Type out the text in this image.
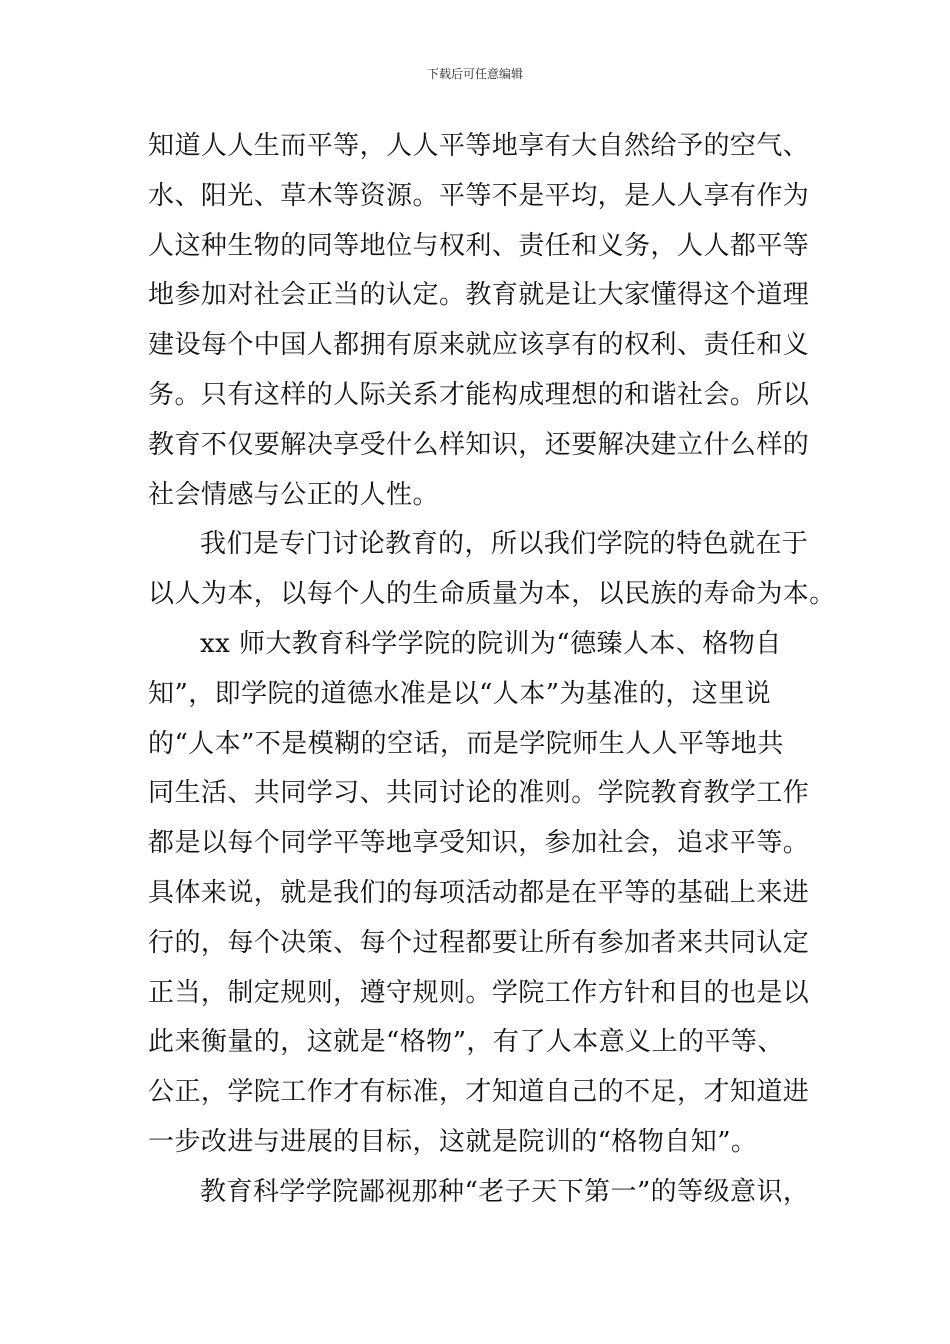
下载后可任意编辑
知道人人生而平等，人人平等地享有大自然给予的空气、
水、阳光、草木等资源。平等不是平均，是人人享有作为
人这种生物的同等地位与权利、责任和义务，人人都平等
地参加对社会正当的认定。教育就是让大家懂得这个道理
建设每个中国人都拥有原来就应该享有的权利、责任和义
务。只有这样的人际关系才能构成理想的和谐社会。所以
教育不仅要解决享受什么样知识，还要解决建立什么样的
社会情感与公正的人性。
我们是专门讨论教育的，所以我们学院的特色就在于
以人为本，以每个人的生命质量为本，以民族的寿命为本。
xx 师大教育科学学院的院训为“德臻人本、格物自
知”，即学院的道德水准是以“人本”为基准的，这里说
的“人本”不是模糊的空话，而是学院师生人人平等地共
同生活、共同学习、共同讨论的准则。学院教育教学工作
都是以每个同学平等地享受知识，参加社会，追求平等。
具体来说，就是我们的每项活动都是在平等的基础上来进
行的，每个决策、每个过程都要让所有参加者来共同认定
正当，制定规则，遵守规则。学院工作方针和目的也是以
此来衡量的，这就是“格物”，有了人本意义上的平等、
公正，学院工作才有标准，才知道自己的不足，才知道进
一步改进与进展的目标，这就是院训的“格物自知”。
教育科学学院鄙视那种“老子天下第一”的等级意识，
